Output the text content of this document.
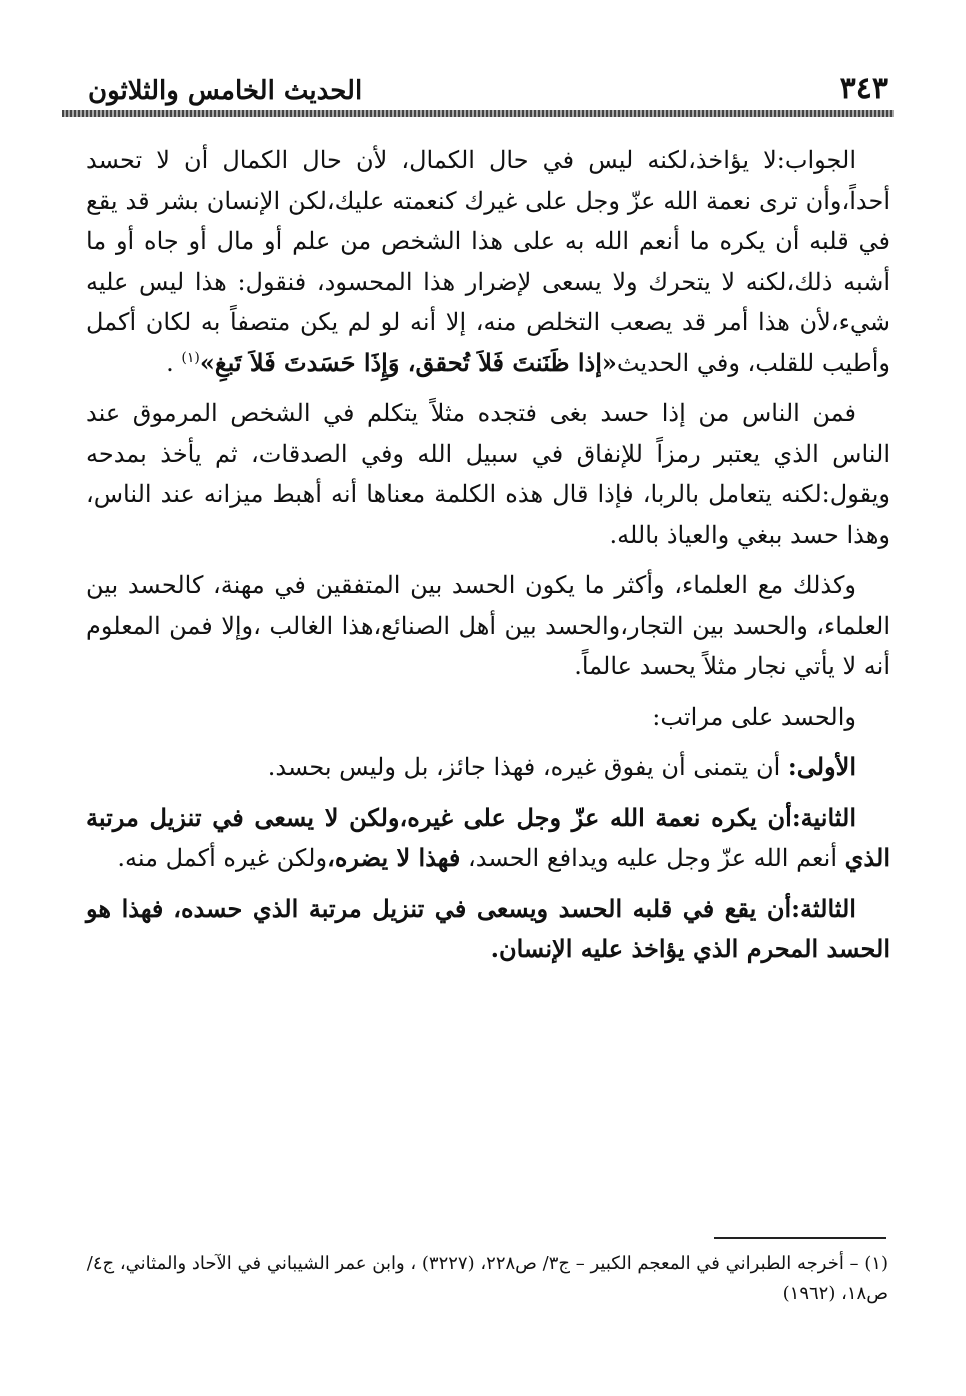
الحديث الخامس والثلاثون	٣٤٣

الجواب:لا يؤاخذ،لكنه ليس في حال الكمال، لأن حال الكمال أن لا تحسد أحداً،وأن ترى نعمة الله عزّ وجل على غيرك كنعمته عليك،لكن الإنسان بشر قد يقع في قلبه أن يكره ما أنعم الله به على هذا الشخص من علم أو مال أو جاه أو ما أشبه ذلك،لكنه لا يتحرك ولا يسعى لإضرار هذا المحسود، فنقول: هذا ليس عليه شيء،لأن هذا أمر قد يصعب التخلص منه، إلا أنه لو لم يكن متصفاً به لكان أكمل وأطيب للقلب، وفي الحديث«إذا ظَنَنتَ فَلاَ تُحقق، وَإِذَا حَسَدتَ فَلاَ تَبغِ»$^{(١)}$ .

فمن الناس من إذا حسد بغى فتجده مثلاً يتكلم في الشخص المرموق عند الناس الذي يعتبر رمزاً للإنفاق في سبيل الله وفي الصدقات، ثم يأخذ بمدحه ويقول:لكنه يتعامل بالربا، فإذا قال هذه الكلمة معناها أنه أهبط ميزانه عند الناس، وهذا حسد ببغي والعياذ بالله.

وكذلك مع العلماء، وأكثر ما يكون الحسد بين المتفقين في مهنة، كالحسد بين العلماء، والحسد بين التجار،والحسد بين أهل الصنائع،هذا الغالب ،وإلا فمن المعلوم أنه لا يأتي نجار مثلاً يحسد عالماً.

والحسد على مراتب:

الأولى: أن يتمنى أن يفوق غيره، فهذا جائز، بل وليس بحسد.

الثانية:أن يكره نعمة الله عزّ وجل على غيره،ولكن لا يسعى في تنزيل مرتبة الذي أنعم الله عزّ وجل عليه ويدافع الحسد، فهذا لا يضره،ولكن غيره أكمل منه.

الثالثة:أن يقع في قلبه الحسد ويسعى في تنزيل مرتبة الذي حسده، فهذا هو الحسد المحرم الذي يؤاخذ عليه الإنسان.

(١) – أخرجه الطبراني في المعجم الكبير – ج٣/ ص٢٢٨، (٣٢٢٧) ، وابن عمر الشيباني في الآحاد والمثاني، ج٤/ ص١٨، (١٩٦٢)
